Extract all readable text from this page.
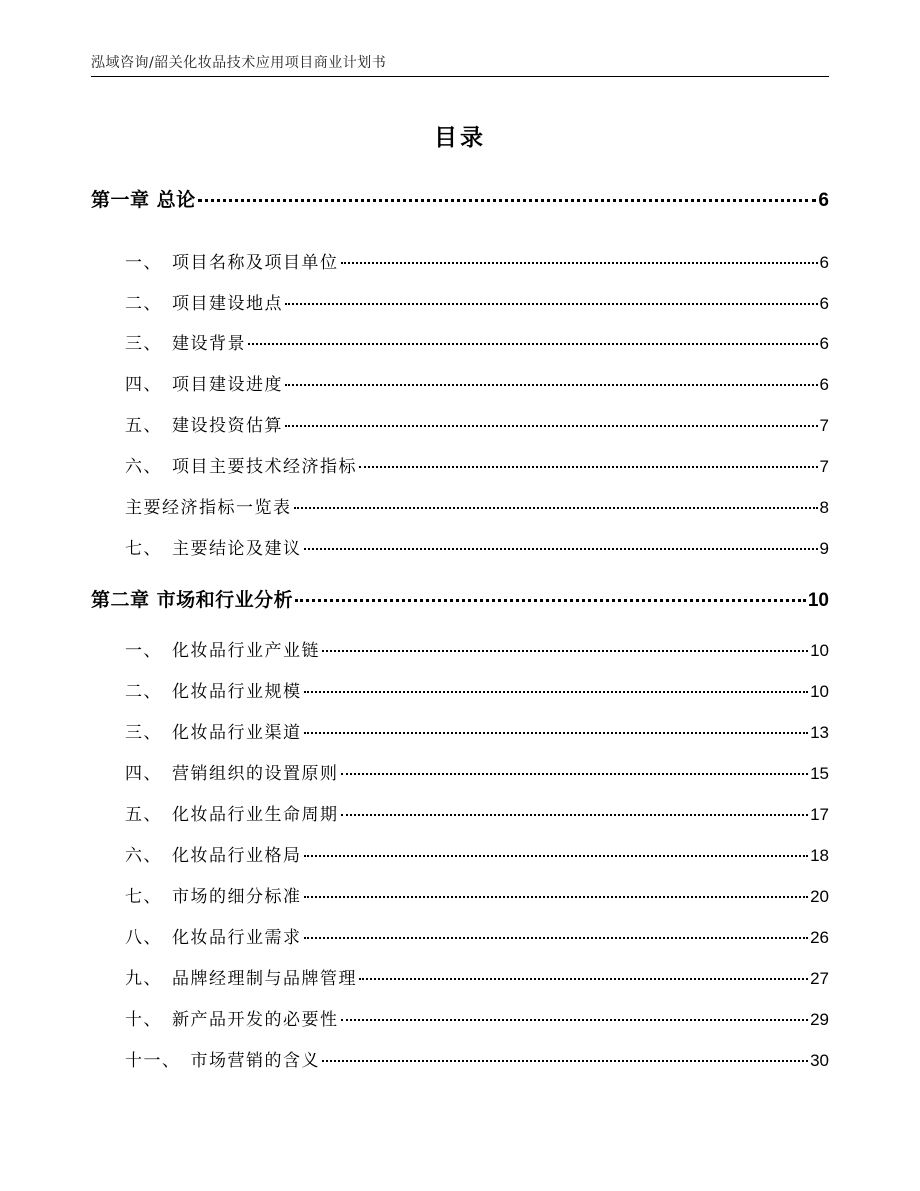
泓域咨询/韶关化妆品技术应用项目商业计划书
目录
第一章 总论	6
一、 项目名称及项目单位	6
二、 项目建设地点	6
三、 建设背景	6
四、 项目建设进度	6
五、 建设投资估算	7
六、 项目主要技术经济指标	7
主要经济指标一览表	8
七、 主要结论及建议	9
第二章 市场和行业分析	10
一、 化妆品行业产业链	10
二、 化妆品行业规模	10
三、 化妆品行业渠道	13
四、 营销组织的设置原则	15
五、 化妆品行业生命周期	17
六、 化妆品行业格局	18
七、 市场的细分标准	20
八、 化妆品行业需求	26
九、 品牌经理制与品牌管理	27
十、 新产品开发的必要性	29
十一、 市场营销的含义	30
